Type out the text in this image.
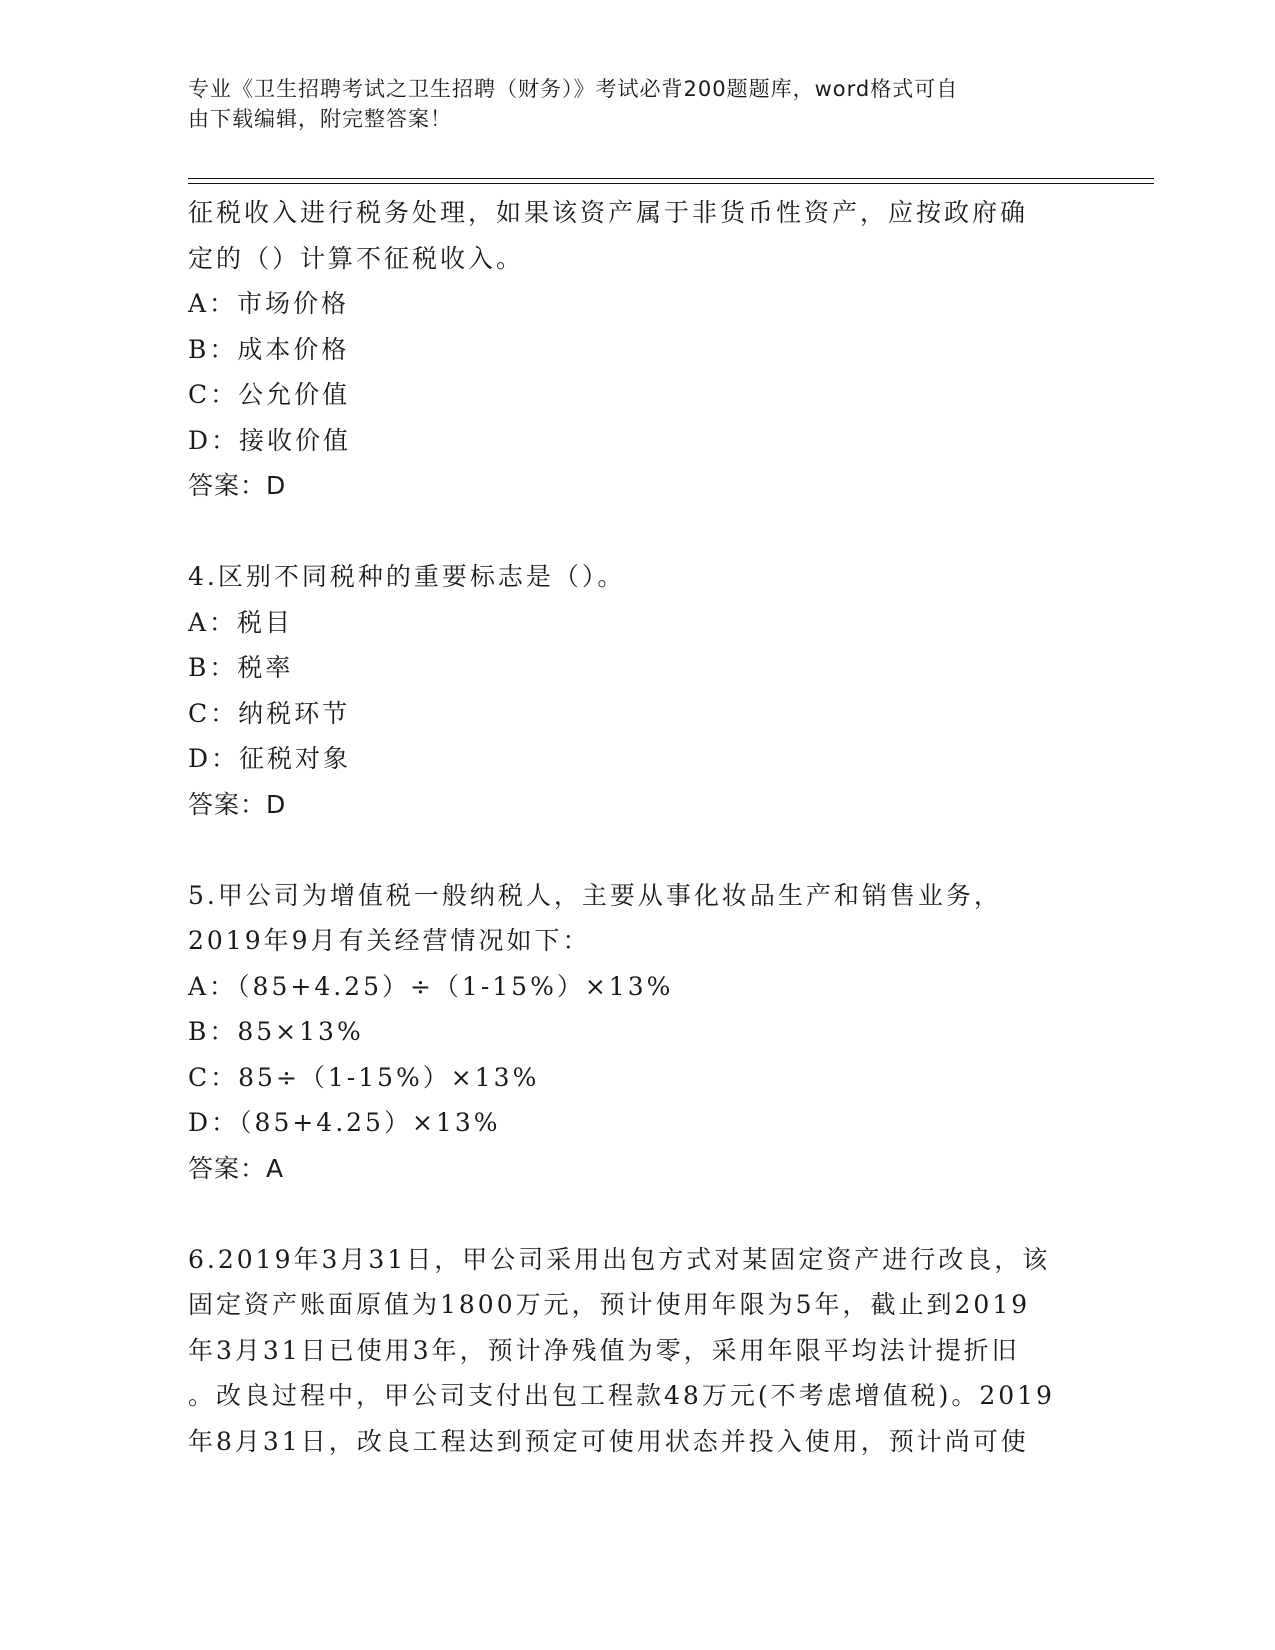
专业《卫生招聘考试之卫生招聘（财务）》考试必背200题题库，word格式可自
由下载编辑，附完整答案！
征税收入进行税务处理，如果该资产属于非货币性资产，应按政府确
定的（）计算不征税收入。
A：市场价格
B：成本价格
C：公允价值
D：接收价值
答案：D
4.区别不同税种的重要标志是（）。
A：税目
B：税率
C：纳税环节
D：征税对象
答案：D
5.甲公司为增值税一般纳税人，主要从事化妆品生产和销售业务，
2019年9月有关经营情况如下：
A：（85+4.25）÷（1-15%）×13%
B：85×13%
C：85÷（1-15%）×13%
D：（85+4.25）×13%
答案：A
6.2019年3月31日，甲公司采用出包方式对某固定资产进行改良，该
固定资产账面原值为1800万元，预计使用年限为5年，截止到2019
年3月31日已使用3年，预计净残值为零，采用年限平均法计提折旧
。改良过程中，甲公司支付出包工程款48万元(不考虑增值税)。2019
年8月31日，改良工程达到预定可使用状态并投入使用，预计尚可使
